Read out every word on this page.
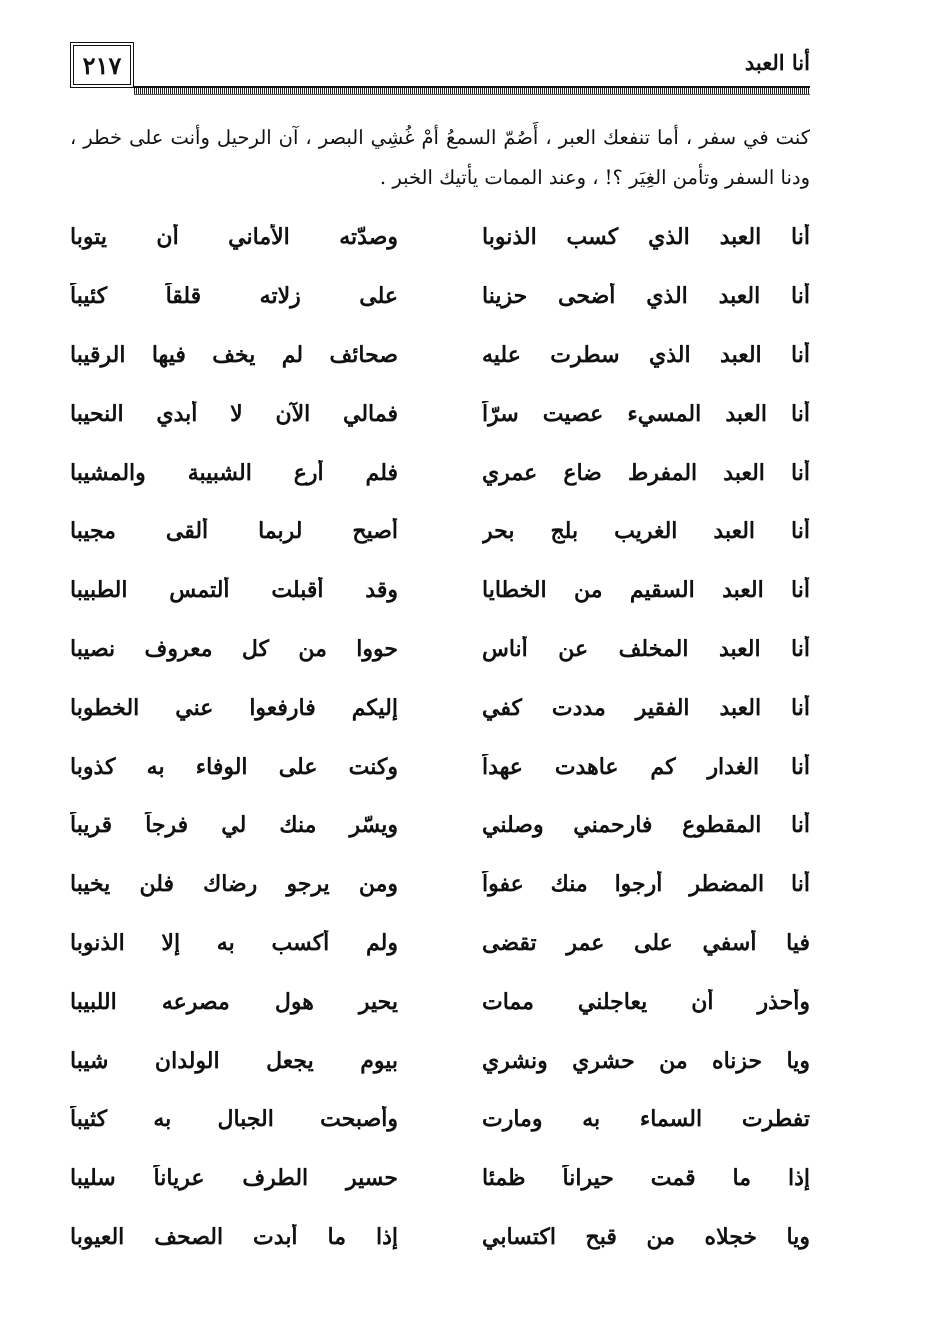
٢١٧	أنا العبد
كنت في سفر ، أما تنفعك العبر ، أَصُمّ السمعُ أمْ غُشِي البصر ، آن الرحيل وأنت على خطر ، ودنا السفر وتأمن الغِيَر ؟! ، وعند الممات يأتيك الخبر .
أنا العبد الذي كسب الذنوبا
وصدّته الأماني أن يتوبا
أنا العبد الذي أضحى حزينا
على زلاته قلقاً كئيباً
أنا العبد الذي سطرت عليه
صحائف لم يخف فيها الرقيبا
أنا العبد المسيء عصيت سرّاً
فمالي الآن لا أبدي النحيبا
أنا العبد المفرط ضاع عمري
فلم أرع الشبيبة والمشيبا
أنا العبد الغريب بلج بحر
أصيح لربما ألقى مجيبا
أنا العبد السقيم من الخطايا
وقد أقبلت ألتمس الطبيبا
أنا العبد المخلف عن أناس
حووا من كل معروف نصيبا
أنا العبد الفقير مددت كفي
إليكم فارفعوا عني الخطوبا
أنا الغدار كم عاهدت عهداً
وكنت على الوفاء به كذوبا
أنا المقطوع فارحمني وصلني
ويسّر منك لي فرجاً قريباً
أنا المضطر أرجوا منك عفواً
ومن يرجو رضاك فلن يخيبا
فيا أسفي على عمر تقضى
ولم أكسب به إلا الذنوبا
وأحذر أن يعاجلني ممات
يحير هول مصرعه اللبيبا
ويا حزناه من حشري ونشري
بيوم يجعل الولدان شيبا
تفطرت السماء به ومارت
وأصبحت الجبال به كثيباً
إذا ما قمت حيراناً ظمئا
حسير الطرف عرياناً سليبا
ويا خجلاه من قبح اكتسابي
إذا ما أبدت الصحف العيوبا
